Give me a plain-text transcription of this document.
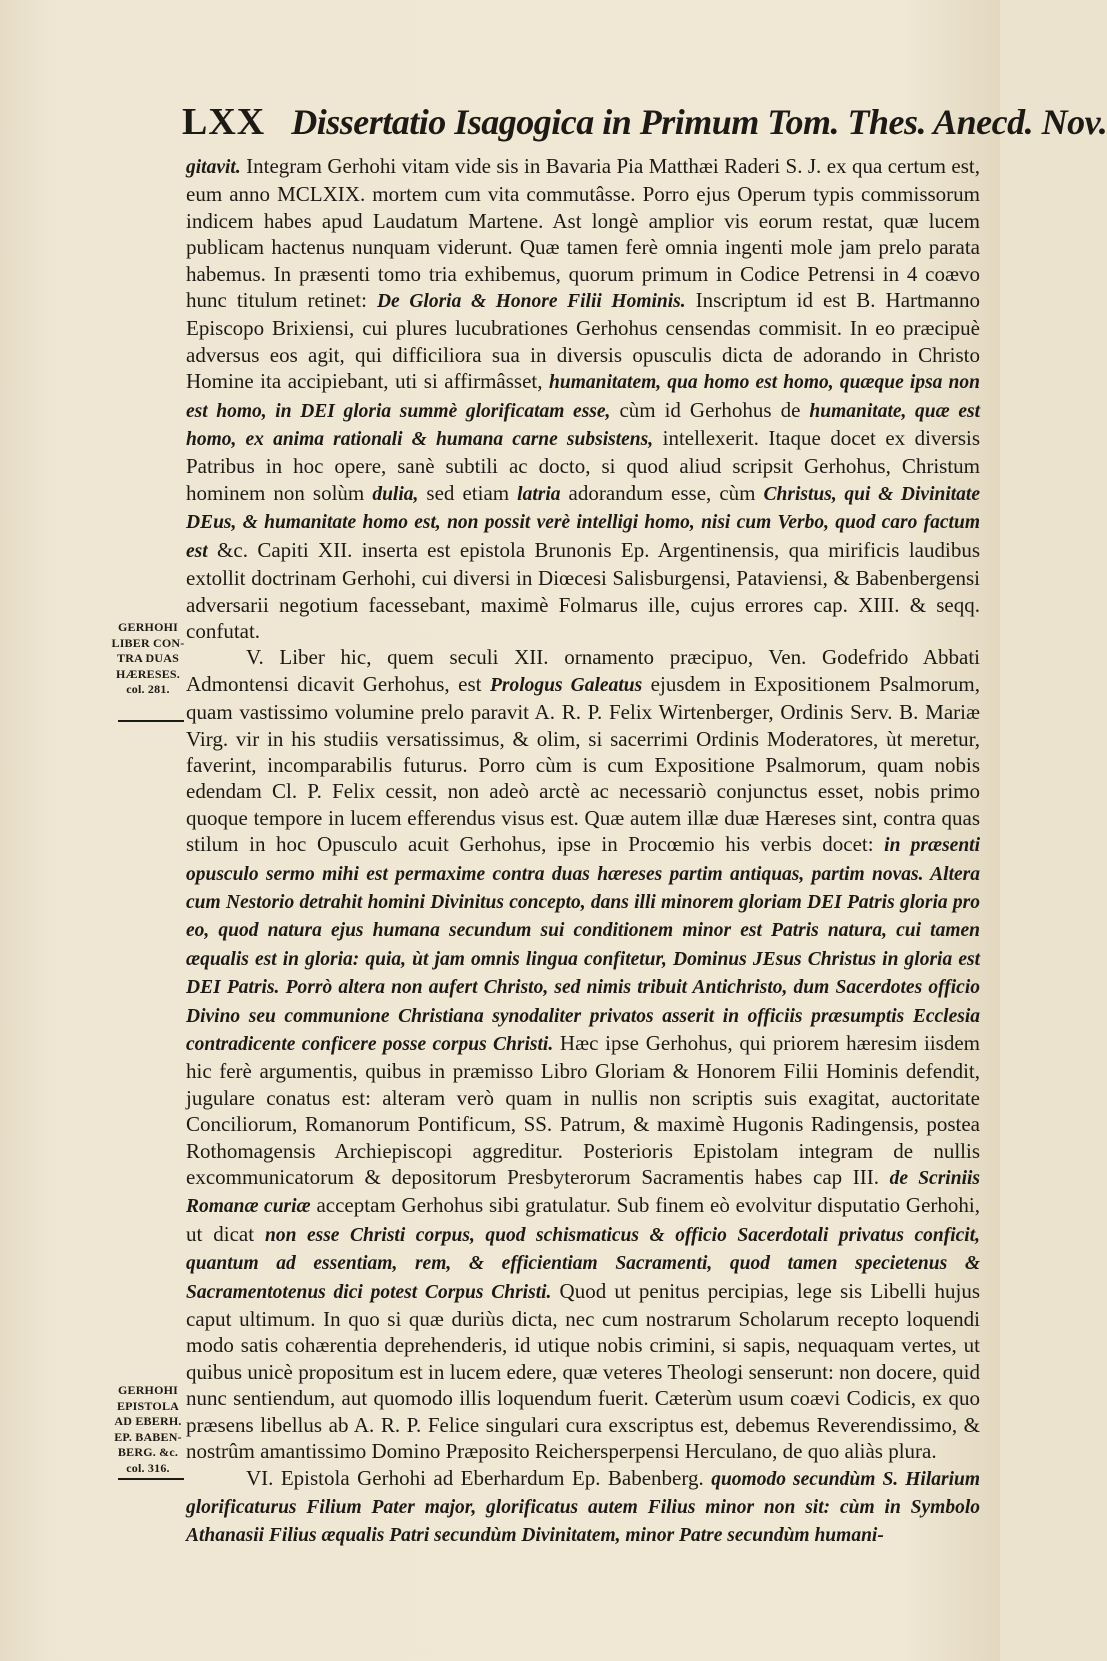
LXX Dissertatio Isagogica in Primum Tom. Thes. Anecd. Nov.
GERHOHI
LIBER CON-
TRA DUAS
HÆRESES.
col. 281.
GERHOHI
EPISTOLA
AD EBERH.
EP. BABEN-
BERG. &c.
col. 316.

gitavit. Integram Gerhohi vitam vide sis in Bavaria Pia Matthæi Raderi S. J. ex qua certum est, eum anno MCLXIX. mortem cum vita commutâsse. Porro ejus Operum typis commissorum indicem habes apud Laudatum Martene. Ast longè amplior vis eorum restat, quæ lucem publicam hactenus nunquam viderunt. Quæ tamen ferè omnia ingenti mole jam prelo parata habemus. In præsenti tomo tria exhibemus, quorum primum in Codice Petrensi in 4 coævo hunc titulum retinet: De Gloria & Honore Filii Hominis. Inscriptum id est B. Hartmanno Episcopo Brixiensi, cui plures lucubrationes Gerhohus censendas commisit. In eo præcipuè adversus eos agit, qui difficiliora sua in diversis opusculis dicta de adorando in Christo Homine ita accipiebant, uti si affirmâsset, humanitatem, qua homo est homo, quæque ipsa non est homo, in DEI gloria summè glorificatam esse, cùm id Gerhohus de humanitate, quæ est homo, ex anima rationali & humana carne subsistens, intellexerit. Itaque docet ex diversis Patribus in hoc opere, sanè subtili ac docto, si quod aliud scripsit Gerhohus, Christum hominem non solùm dulia, sed etiam latria adorandum esse, cùm Christus, qui & Divinitate DEus, & humanitate homo est, non possit verè intelligi homo, nisi cum Verbo, quod caro factum est &c. Capiti XII. inserta est epistola Brunonis Ep. Argentinensis, qua mirificis laudibus extollit doctrinam Gerhohi, cui diversi in Diœcesi Salisburgensi, Pataviensi, & Babenbergensi adversarii negotium facessebant, maximè Folmarus ille, cujus errores cap. XIII. & seqq. confutat.

V. Liber hic, quem seculi XII. ornamento præcipuo, Ven. Godefrido Abbati Admontensi dicavit Gerhohus, est Prologus Galeatus ejusdem in Expositionem Psalmorum, quam vastissimo volumine prelo paravit A. R. P. Felix Wirtenberger, Ordinis Serv. B. Mariæ Virg. vir in his studiis versatissimus, & olim, si sacerrimi Ordinis Moderatores, ùt meretur, faverint, incomparabilis futurus. Porro cùm is cum Expositione Psalmorum, quam nobis edendam Cl. P. Felix cessit, non adeò arctè ac necessariò conjunctus esset, nobis primo quoque tempore in lucem efferendus visus est. Quæ autem illæ duæ Hæreses sint, contra quas stilum in hoc Opusculo acuit Gerhohus, ipse in Procœmio his verbis docet: in præsenti opusculo sermo mihi est permaxime contra duas hæreses partim antiquas, partim novas. Altera cum Nestorio detrahit homini Divinitus concepto, dans illi minorem gloriam DEI Patris gloria pro eo, quod natura ejus humana secundum sui conditionem minor est Patris natura, cui tamen æqualis est in gloria: quia, ùt jam omnis lingua confitetur, Dominus JEsus Christus in gloria est DEI Patris. Porrò altera non aufert Christo, sed nimis tribuit Antichristo, dum Sacerdotes officio Divino seu communione Christiana synodaliter privatos asserit in officiis præsumptis Ecclesia contradicente conficere posse corpus Christi. Hæc ipse Gerhohus, qui priorem hæresim iisdem hic ferè argumentis, quibus in præmisso Libro Gloriam & Honorem Filii Hominis defendit, jugulare conatus est: alteram verò quam in nullis non scriptis suis exagitat, auctoritate Conciliorum, Romanorum Pontificum, SS. Patrum, & maximè Hugonis Radingensis, postea Rothomagensis Archiepiscopi aggreditur. Posterioris Epistolam integram de nullis excommunicatorum & depositorum Presbyterorum Sacramentis habes cap III. de Scriniis Romanæ curiæ acceptam Gerhohus sibi gratulatur. Sub finem eò evolvitur disputatio Gerhohi, ut dicat non esse Christi corpus, quod schismaticus & officio Sacerdotali privatus conficit, quantum ad essentiam, rem, & efficientiam Sacramenti, quod tamen specietenus & Sacramentotenus dici potest Corpus Christi. Quod ut penitus percipias, lege sis Libelli hujus caput ultimum. In quo si quæ duriùs dicta, nec cum nostrarum Scholarum recepto loquendi modo satis cohærentia deprehenderis, id utique nobis crimini, si sapis, nequaquam vertes, ut quibus unicè propositum est in lucem edere, quæ veteres Theologi senserunt: non docere, quid nunc sentiendum, aut quomodo illis loquendum fuerit. Cæterùm usum coævi Codicis, ex quo præsens libellus ab A. R. P. Felice singulari cura exscriptus est, debemus Reverendissimo, & nostrûm amantissimo Domino Præposito Reichersperpensi Herculano, de quo aliàs plura.

VI. Epistola Gerhohi ad Eberhardum Ep. Babenberg. quomodo secundùm S. Hilarium glorificaturus Filium Pater major, glorificatus autem Filius minor non sit: cùm in Symbolo Athanasii Filius æqualis Patri secundùm Divinitatem, minor Patre secundùm humani-
